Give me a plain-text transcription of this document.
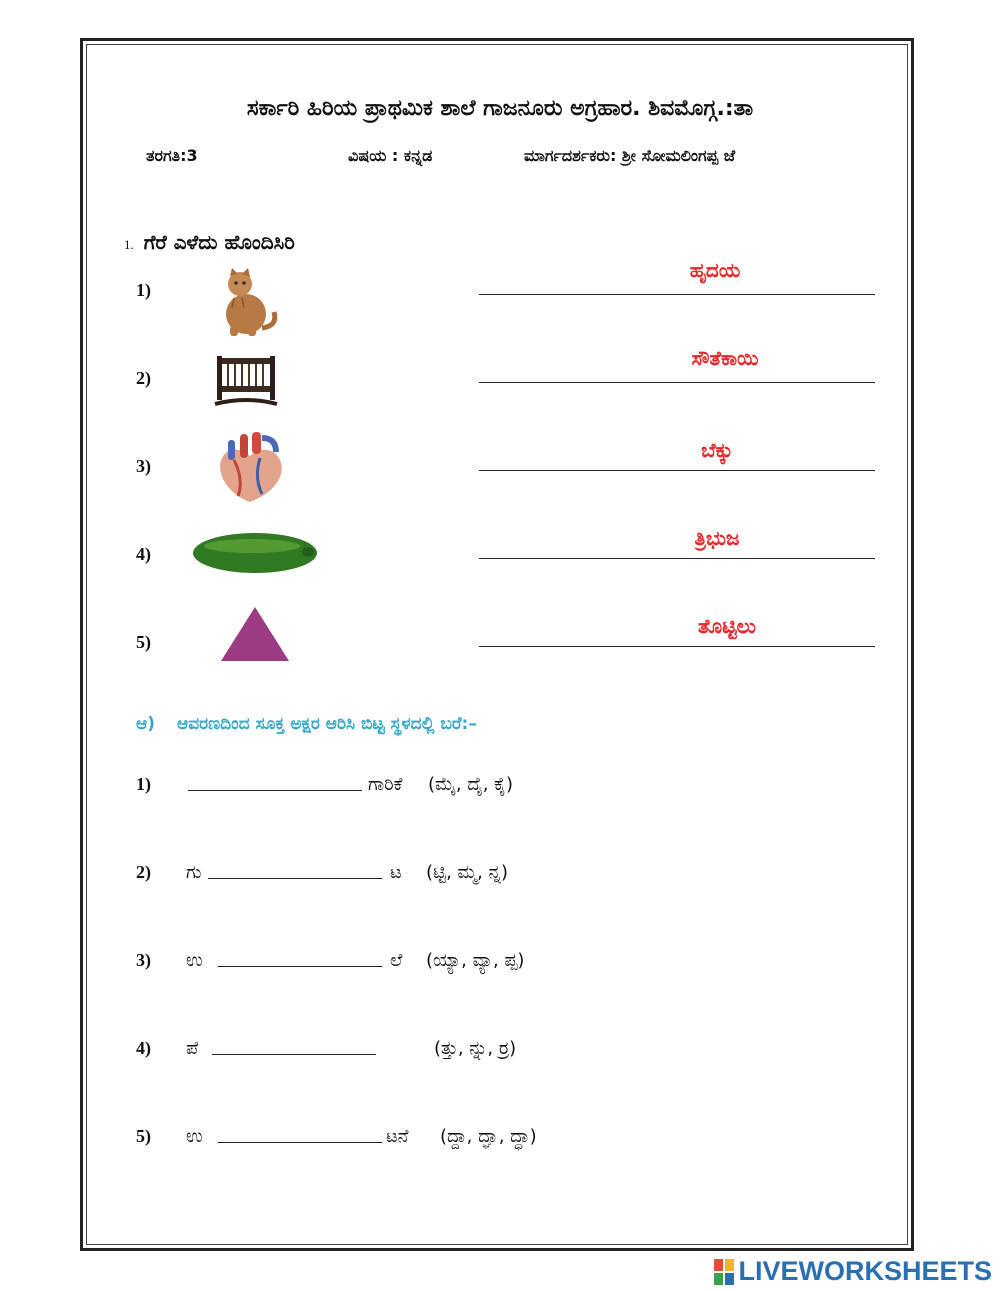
ಸರ್ಕಾರಿ ಹಿರಿಯ ಪ್ರಾಥಮಿಕ ಶಾಲೆ ಗಾಜನೂರು ಅಗ್ರಹಾರ. ಶಿವಮೊಗ್ಗ.:ತಾ
ತರಗತಿ:3	ವಿಷಯ : ಕನ್ನಡ	ಮಾರ್ಗದರ್ಶಕರು: ಶ್ರೀ ಸೋಮಲಿಂಗಪ್ಪ ಜೆ
1. ಗೆರೆ ಎಳೆದು ಹೊಂದಿಸಿರಿ
1)
2)
3)
4)
5)
ಹೃದಯ
ಸೌತೆಕಾಯಿ
ಬೆಕ್ಕು
ತ್ರಿಭುಜ
ತೊಟ್ಟಿಲು
ಆ) ಆವರಣದಿಂದ ಸೂಕ್ತ ಅಕ್ಷರ ಆರಿಸಿ ಬಿಟ್ಟ ಸ್ಥಳದಲ್ಲಿ ಬರೆ:–
1)	ಗಾರಿಕೆ (ಮೈ, ದೈ, ಕೈ)
2) ಗು	ಟ (ಟ್ಟಿ, ಮ್ಮ, ನ್ನ)
3) ಉ	ಲೆ (ಯ್ಯಾ, ವ್ಯಾ, ಪ್ಪ)
4) ಪೆ	(ತ್ತು, ನ್ನು, ರ್ರ)
5) ಉ	ಟನೆ (ದ್ದಾ, ದ್ಘಾ, ದ್ಧಾ)
LIVEWORKSHEETS
